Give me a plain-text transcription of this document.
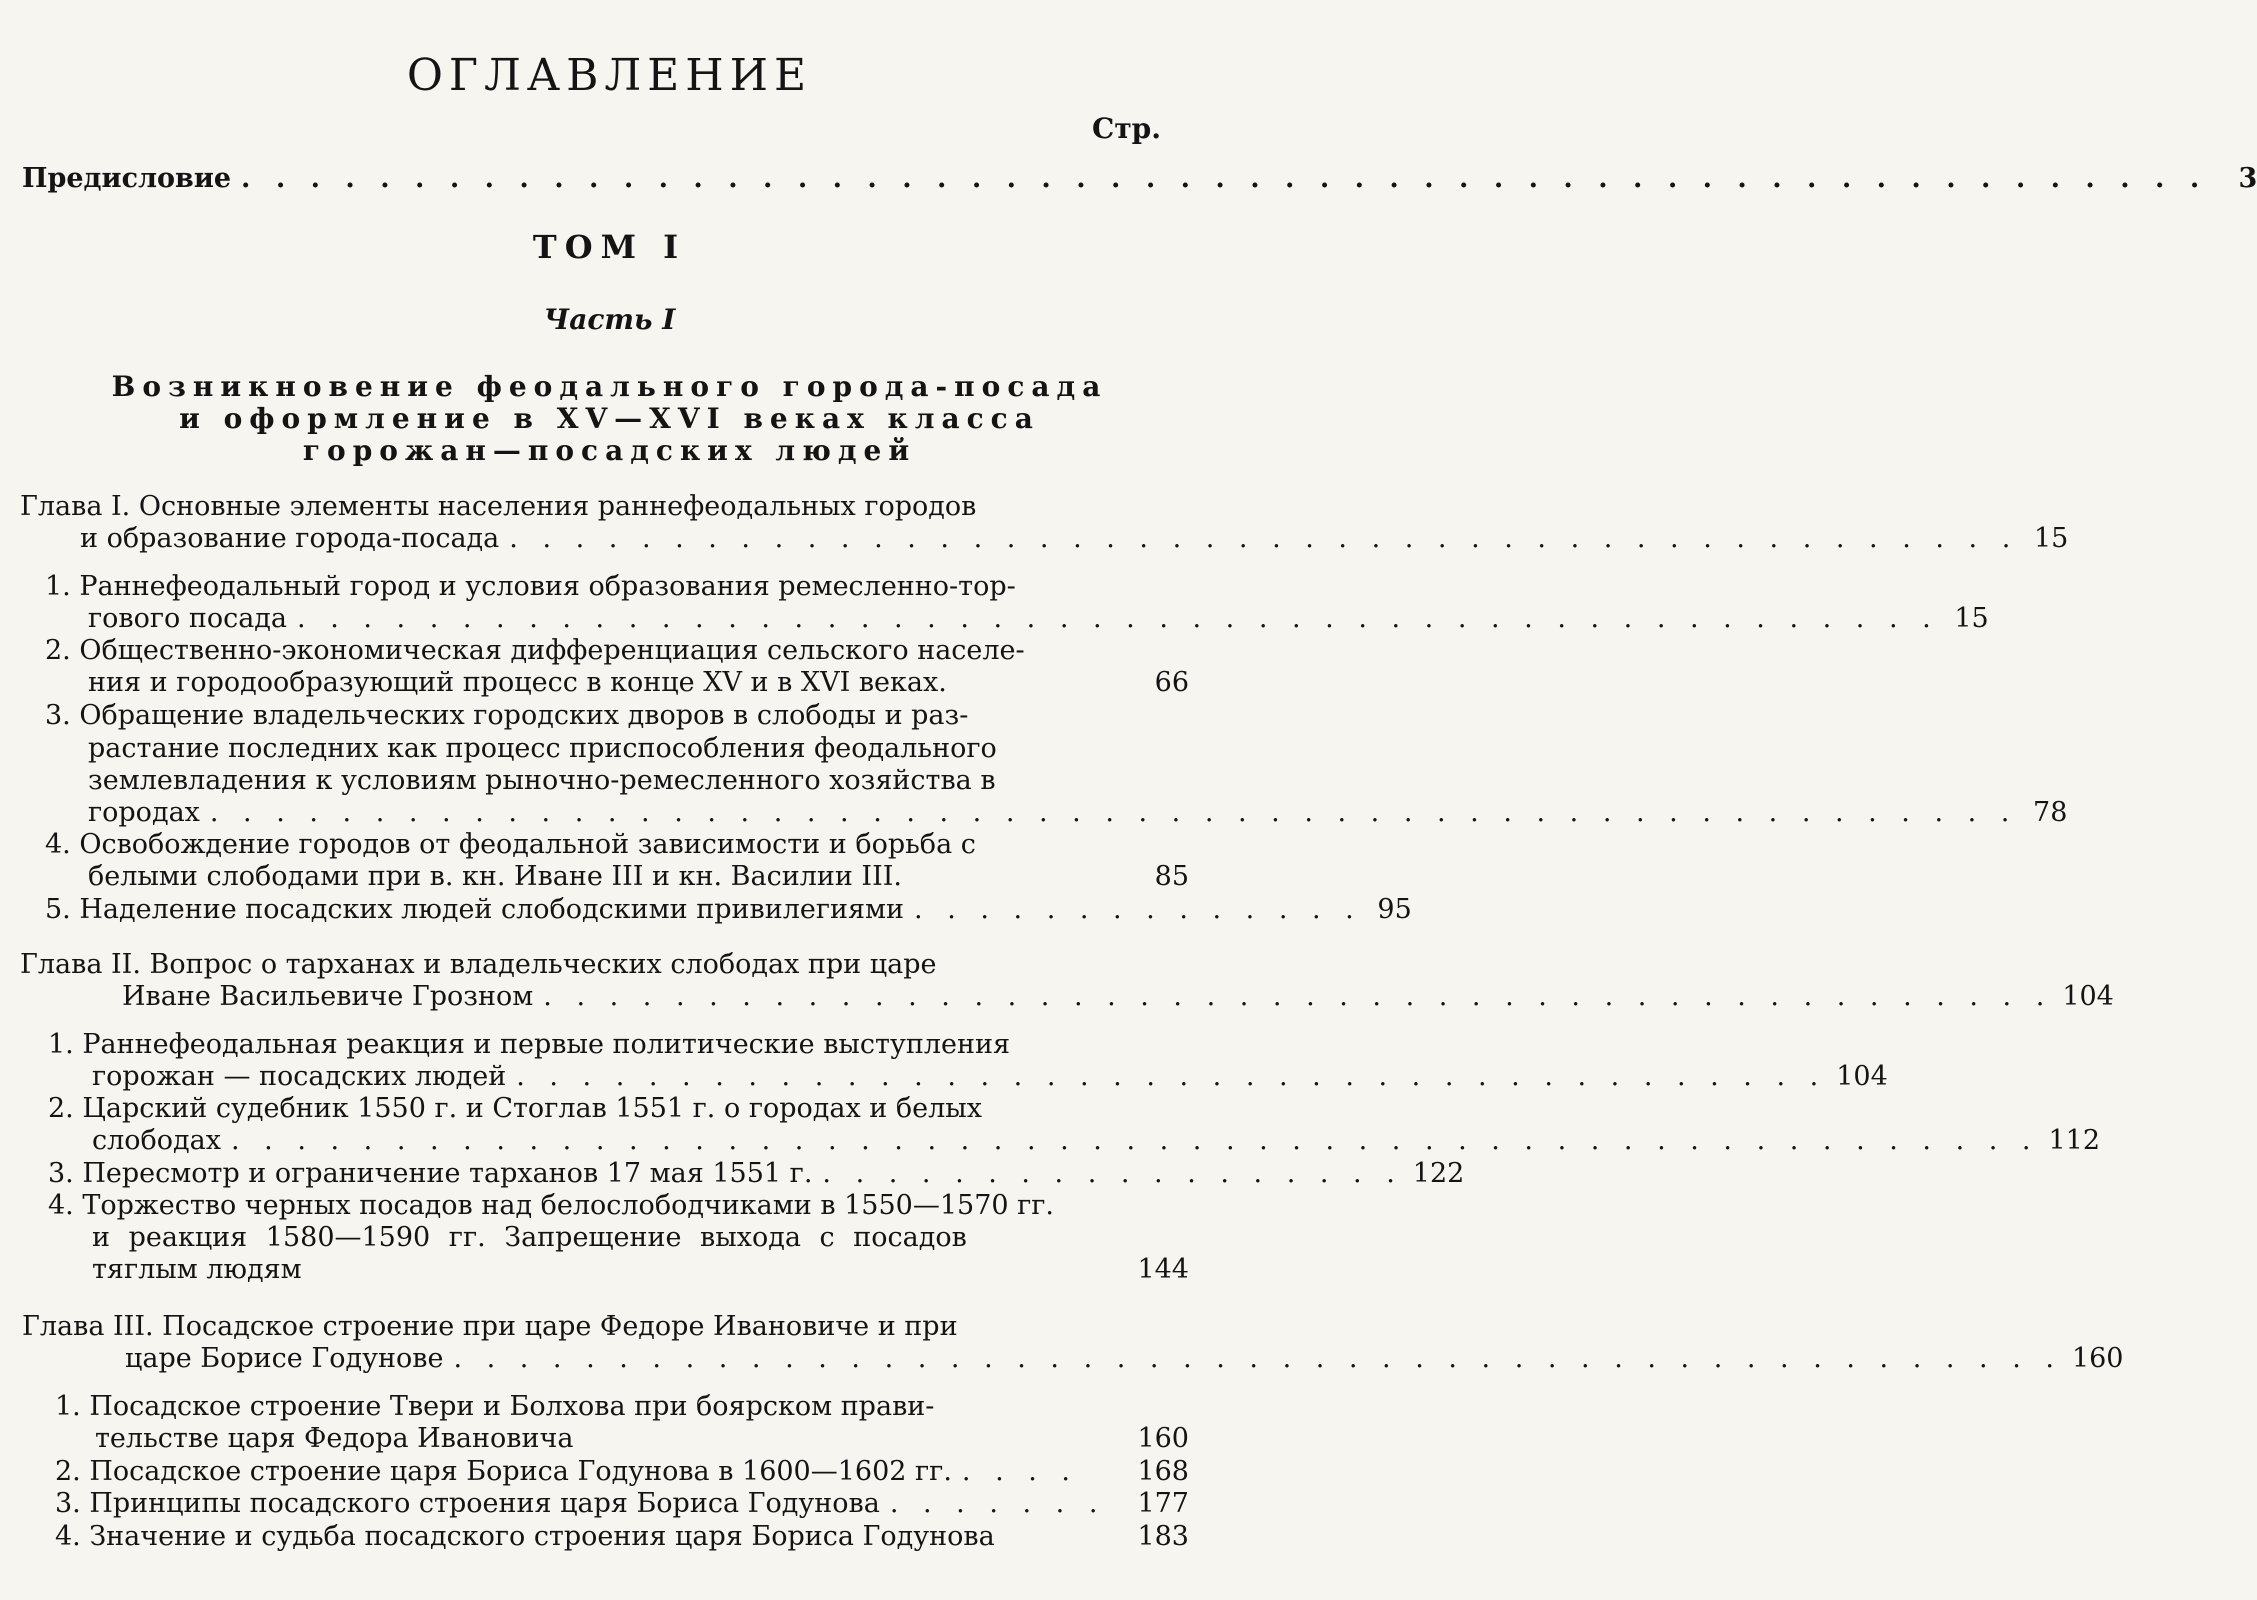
ОГЛАВЛЕНИЕ
Стр.
Предисловие . . . . . . . . . . . . . . . . . . . . . . . . . . . . . . . . . . . . . . . . . . . . . . . . . . . . . . . . .	3
ТОМ I
Часть I
Возникновение феодального города-посада
и оформление в XV—XVI веках класса
горожан—посадских людей
Глава I. Основные элементы населения раннефеодальных городов
и образование города-посада . . . . . . . . . . . . . . . . . . . . . . . . . . . . . . . . . . . . . . . . . . . . . . 15
1. Раннефеодальный город и условия образования ремесленно-тор-
гового посада . . . . . . . . . . . . . . . . . . . . . . . . . . . . . . . . . . . . . . . . . . . . . . . . . . 15
2. Общественно-экономическая дифференциация сельского населе-
ния и городообразующий процесс в конце XV и в XVI веках.	66
3. Обращение владельческих городских дворов в слободы и раз-
растание последних как процесс приспособления феодального
землевладения к условиям рыночно-ремесленного хозяйства в
городах . . . . . . . . . . . . . . . . . . . . . . . . . . . . . . . . . . . . . . . . . . . . . . . . . . . . . . . 78
4. Освобождение городов от феодальной зависимости и борьба с
белыми слободами при в. кн. Иване III и кн. Василии III.	85
5. Наделение посадских людей слободскими привилегиями . . . . . . . . . . . . . . 95
Глава II. Вопрос о тарханах и владельческих слободах при царе
Иване Васильевиче Грозном . . . . . . . . . . . . . . . . . . . . . . . . . . . . . . . . . . . . . . . . . . . . . . 104
1. Раннефеодальная реакция и первые политические выступления
горожан — посадских людей . . . . . . . . . . . . . . . . . . . . . . . . . . . . . . . . . . . . . . . . 104
2. Царский судебник 1550 г. и Стоглав 1551 г. о городах и белых
слободах . . . . . . . . . . . . . . . . . . . . . . . . . . . . . . . . . . . . . . . . . . . . . . . . . . . . . . . 112
3. Пересмотр и ограничение тарханов 17 мая 1551 г. . . . . . . . . . . . . . . . . . . 122
4. Торжество черных посадов над белослободчиками в 1550—1570 гг.
и реакция 1580—1590 гг. Запрещение выхода с посадов
тяглым людям	144
Глава III. Посадское строение при царе Федоре Ивановиче и при
царе Борисе Годунове . . . . . . . . . . . . . . . . . . . . . . . . . . . . . . . . . . . . . . . . . . . . . . . . . 160
1. Посадское строение Твери и Болхова при боярском прави-
тельстве царя Федора Ивановича	160
2. Посадское строение царя Бориса Годунова в 1600—1602 гг. . . . .	168
3. Принципы посадского строения царя Бориса Годунова . . . . . . .	177
4. Значение и судьба посадского строения царя Бориса Годунова	183
